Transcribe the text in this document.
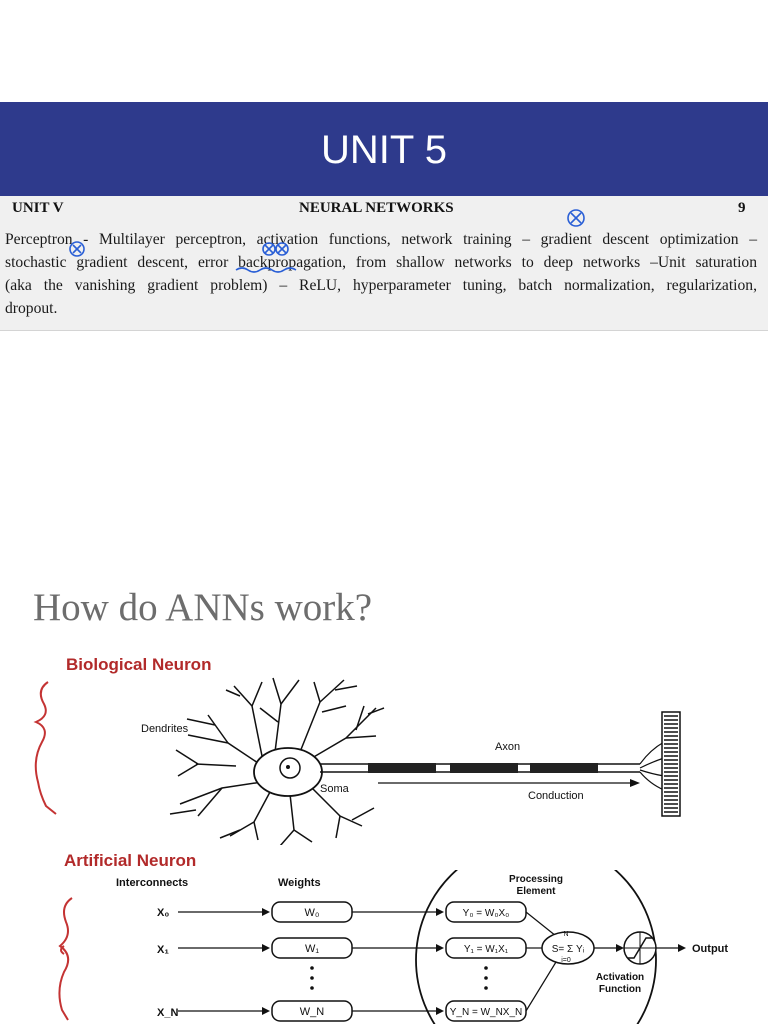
UNIT 5
UNIT V	NEURAL NETWORKS	9
Perceptron - Multilayer perceptron, activation functions, network training – gradient descent optimization –
stochastic gradient descent, error backpropagation, from shallow networks to deep networks –Unit saturation
(aka the vanishing gradient problem) – ReLU, hyperparameter tuning, batch normalization, regularization,
dropout.
How do ANNs work?
Biological Neuron
Artificial Neuron
Dendrites
Soma
Axon
Conduction
Interconnects	Weights	Processing
Element
X₀	W₀	Y₀ = W₀X₀
X₁	W₁	Y₁ = W₁X₁
X_N	W_N	Y_N = W_NX_N
N
S= Σ Yᵢ
i=0
Activation
Function
Output
